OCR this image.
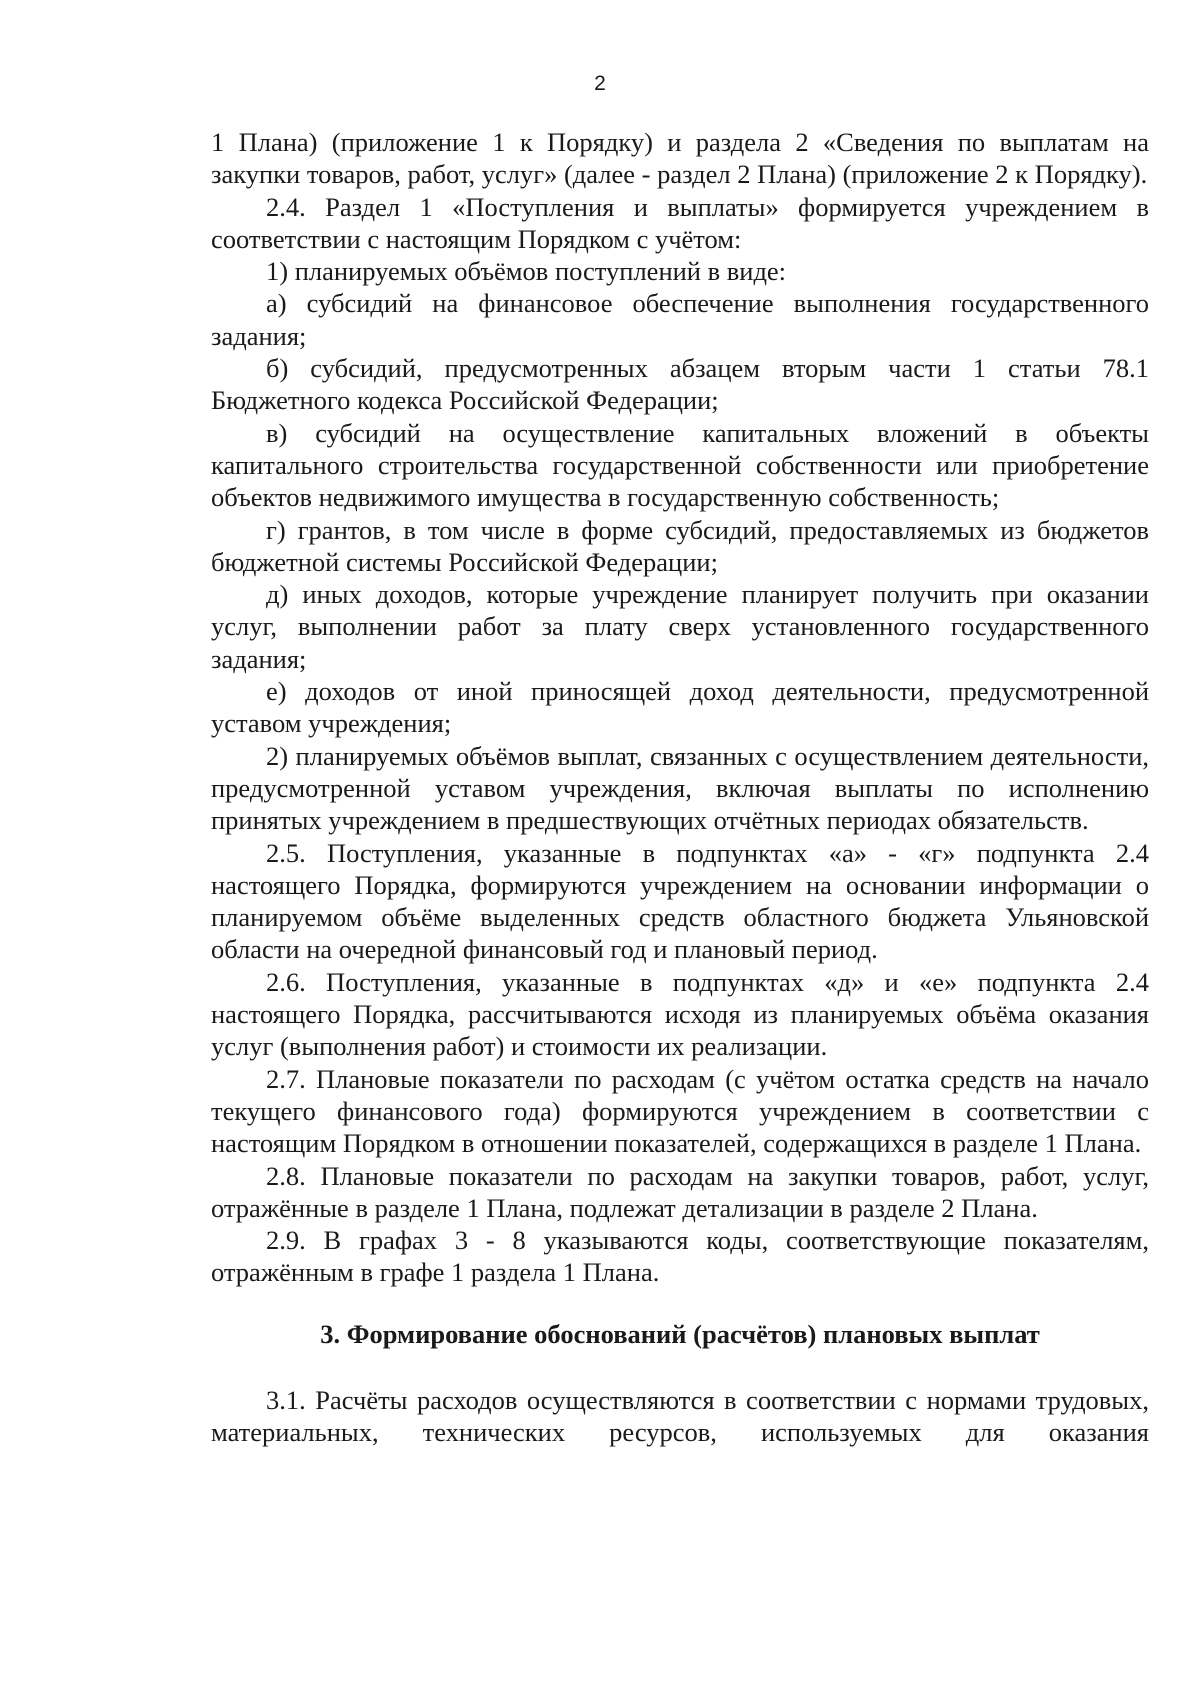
2

1 Плана) (приложение 1 к Порядку) и раздела 2 «Сведения по выплатам на закупки товаров, работ, услуг» (далее - раздел 2 Плана) (приложение 2 к Порядку).

2.4. Раздел 1 «Поступления и выплаты» формируется учреждением в соответствии с настоящим Порядком с учётом:

1) планируемых объёмов поступлений в виде:

а) субсидий на финансовое обеспечение выполнения государственного задания;

б) субсидий, предусмотренных абзацем вторым части 1 статьи 78.1 Бюджетного кодекса Российской Федерации;

в) субсидий на осуществление капитальных вложений в объекты капитального строительства государственной собственности или приобретение объектов недвижимого имущества в государственную собственность;

г) грантов, в том числе в форме субсидий, предоставляемых из бюджетов бюджетной системы Российской Федерации;

д) иных доходов, которые учреждение планирует получить при оказании услуг, выполнении работ за плату сверх установленного государственного задания;

е) доходов от иной приносящей доход деятельности, предусмотренной уставом учреждения;

2) планируемых объёмов выплат, связанных с осуществлением деятельности, предусмотренной уставом учреждения, включая выплаты по исполнению принятых учреждением в предшествующих отчётных периодах обязательств.

2.5. Поступления, указанные в подпунктах «а» - «г» подпункта 2.4 настоящего Порядка, формируются учреждением на основании информации о планируемом объёме выделенных средств областного бюджета Ульяновской области на очередной финансовый год и плановый период.

2.6. Поступления, указанные в подпунктах «д» и «е» подпункта 2.4 настоящего Порядка, рассчитываются исходя из планируемых объёма оказания услуг (выполнения работ) и стоимости их реализации.

2.7. Плановые показатели по расходам (с учётом остатка средств на начало текущего финансового года) формируются учреждением в соответствии с настоящим Порядком в отношении показателей, содержащихся в разделе 1 Плана.

2.8. Плановые показатели по расходам на закупки товаров, работ, услуг, отражённые в разделе 1 Плана, подлежат детализации в разделе 2 Плана.

2.9. В графах 3 - 8 указываются коды, соответствующие показателям, отражённым в графе 1 раздела 1 Плана.

3. Формирование обоснований (расчётов) плановых выплат

3.1. Расчёты расходов осуществляются в соответствии с нормами трудовых, материальных, технических ресурсов, используемых для оказания
